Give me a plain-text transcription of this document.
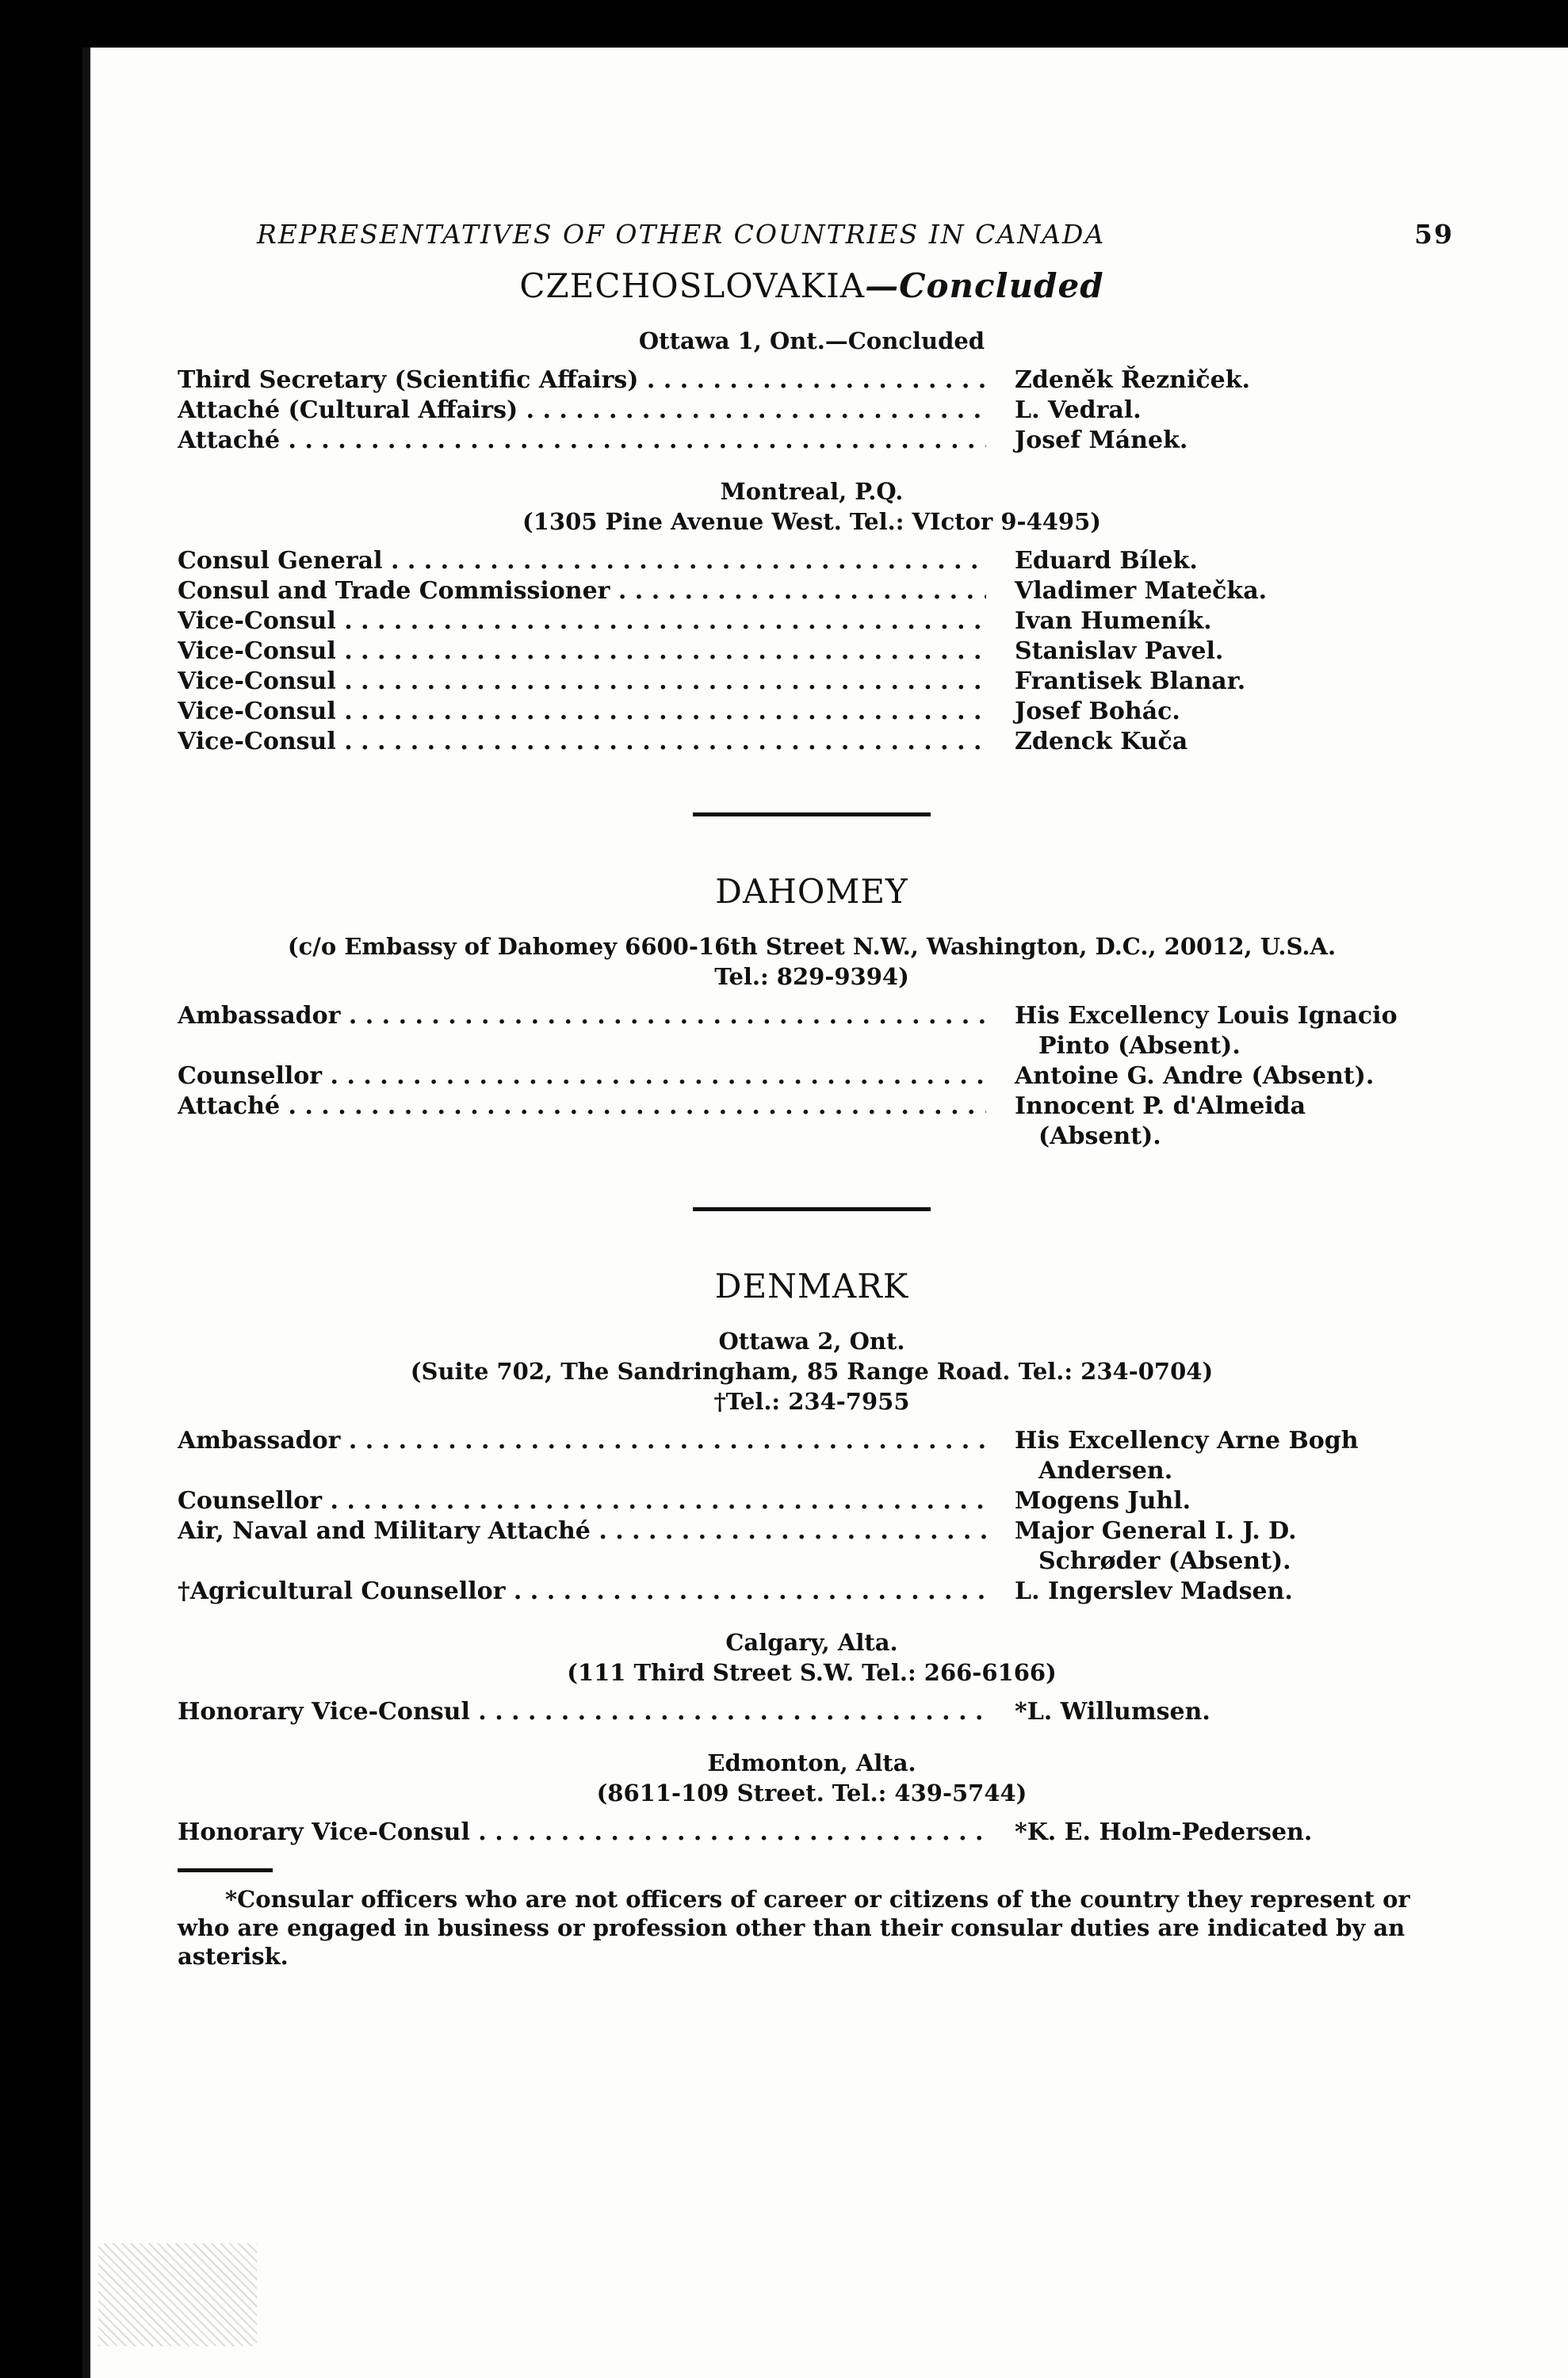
REPRESENTATIVES OF OTHER COUNTRIES IN CANADA	59
CZECHOSLOVAKIA—Concluded
Ottawa 1, Ont.—Concluded
Third Secretary (Scientific Affairs) . . .	Zdeněk Řezniček.
Attaché (Cultural Affairs) . . .	L. Vedral.
Attaché . . .	Josef Mánek.
Montreal, P.Q.
(1305 Pine Avenue West. Tel.: VIctor 9-4495)
Consul General . . .	Eduard Bílek.
Consul and Trade Commissioner . . .	Vladimer Matečka.
Vice-Consul . . .	Ivan Humeník.
Vice-Consul . . .	Stanislav Pavel.
Vice-Consul . . .	Frantisek Blanar.
Vice-Consul . . .	Josef Bohác.
Vice-Consul . . .	Zdenck Kuča
DAHOMEY
(c/o Embassy of Dahomey 6600-16th Street N.W., Washington, D.C., 20012, U.S.A.
Tel.: 829-9394)
Ambassador . . .	His Excellency Louis Ignacio
Pinto (Absent).
Counsellor . . .	Antoine G. Andre (Absent).
Attaché . . .	Innocent P. d'Almeida
(Absent).
DENMARK
Ottawa 2, Ont.
(Suite 702, The Sandringham, 85 Range Road. Tel.: 234-0704)
†Tel.: 234-7955
Ambassador . . .	His Excellency Arne Bogh
Andersen.
Counsellor . . .	Mogens Juhl.
Air, Naval and Military Attaché . . .	Major General I. J. D.
Schrøder (Absent).
†Agricultural Counsellor . . .	L. Ingerslev Madsen.
Calgary, Alta.
(111 Third Street S.W. Tel.: 266-6166)
Honorary Vice-Consul . . .	*L. Willumsen.
Edmonton, Alta.
(8611-109 Street. Tel.: 439-5744)
Honorary Vice-Consul . . .	*K. E. Holm-Pedersen.
*Consular officers who are not officers of career or citizens of the country they represent or who are engaged in business or profession other than their consular duties are indicated by an asterisk.
